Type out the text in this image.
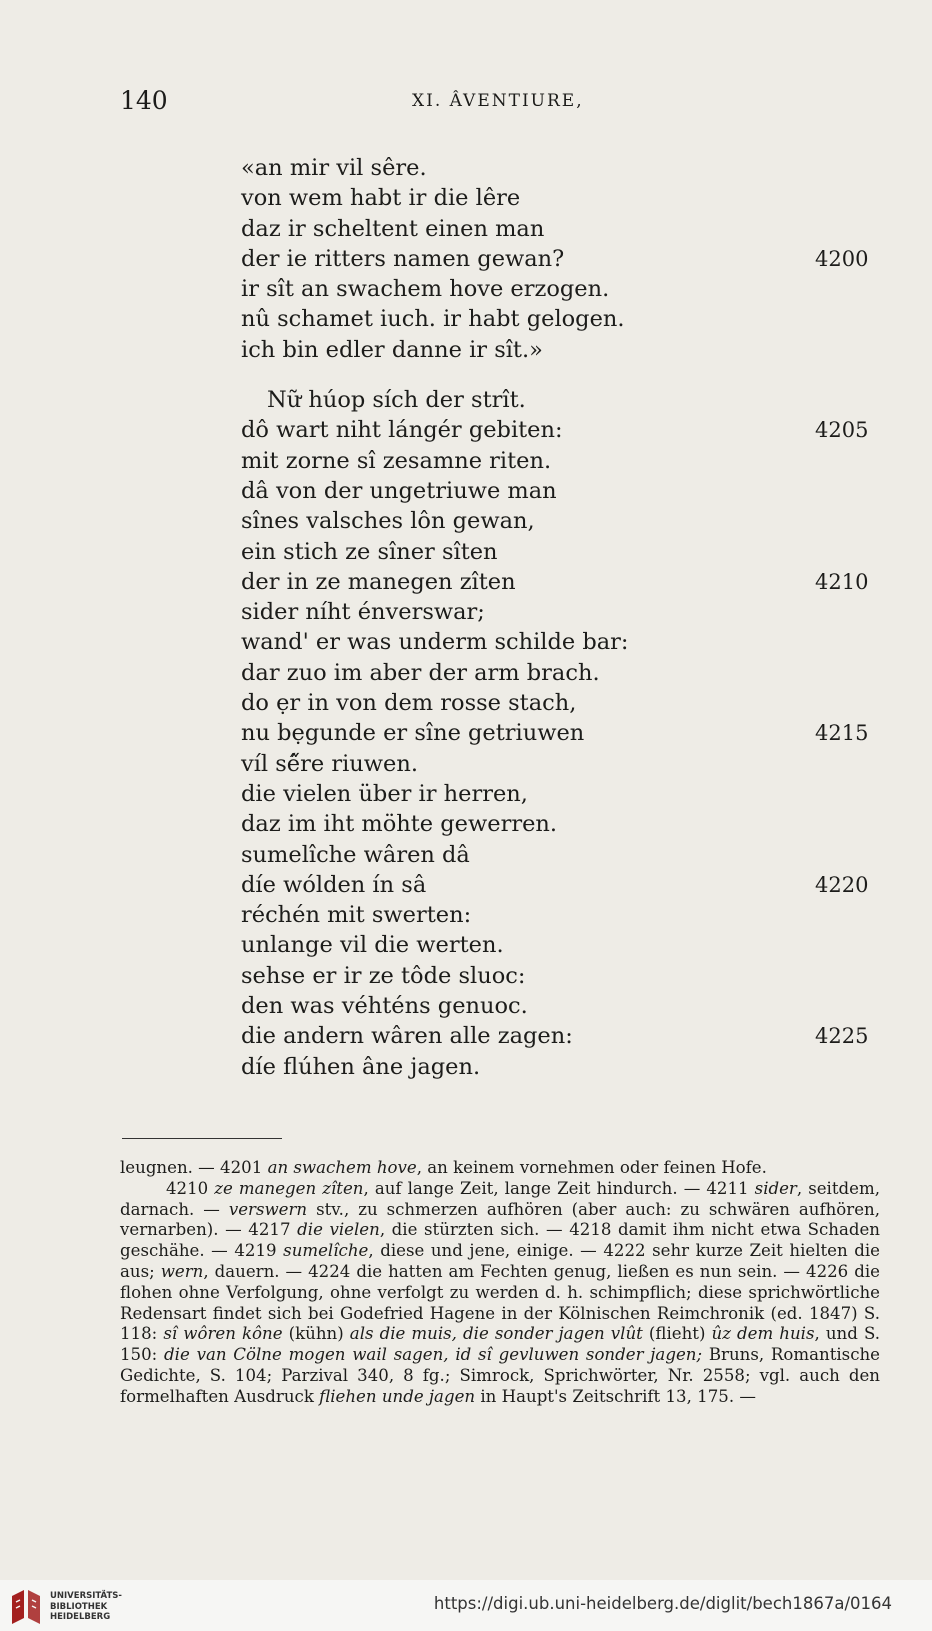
140	XI. ÂVENTIURE,
«an mir vil sêre.
von wem habt ir die lêre
daz ir scheltent einen man
der ie ritters namen gewan?	4200
ir sît an swachem hove erzogen.
nû schamet iuch. ir habt gelogen.
ich bin edler danne ir sît.»
Nữ húop sích der strît.
dô wart niht lángér gebiten:	4205
mit zorne sî zesamne riten.
dâ von der ungetriuwe man
sînes valsches lôn gewan,
ein stich ze sîner sîten
der in ze manegen zîten	4210
sider níht énverswar;
wand' er was underm schilde bar:
dar zuo im aber der arm brach.
do ẹr in von dem rosse stach,
nu bẹgunde er sîne getriuwen	4215
víl sê̋re riuwen.
die vielen über ir herren,
daz im iht möhte gewerren.
sumelîche wâren dâ
díe wólden ín sâ	4220
réchén mit swerten:
unlange vil die werten.
sehse er ir ze tôde sluoc:
den was véhténs genuoc.
die andern wâren alle zagen:	4225
díe flúhen âne jagen.
leugnen. — 4201 an swachem hove, an keinem vornehmen oder feinen Hofe.
4210 ze manegen zîten, auf lange Zeit, lange Zeit hindurch. — 4211 sider, seitdem, darnach. — verswern stv., zu schmerzen aufhören (aber auch: zu schwären aufhören, vernarben). — 4217 die vielen, die stürzten sich. — 4218 damit ihm nicht etwa Schaden geschähe. — 4219 sumelîche, diese und jene, einige. — 4222 sehr kurze Zeit hielten die aus; wern, dauern. — 4224 die hatten am Fechten genug, ließen es nun sein. — 4226 die flohen ohne Verfolgung, ohne verfolgt zu werden d. h. schimpflich; diese sprichwörtliche Redensart findet sich bei Godefried Hagene in der Kölnischen Reimchronik (ed. 1847) S. 118: sî wôren kône (kühn) als die muis, die sonder jagen vlût (flieht) ûz dem huis, und S. 150: die van Cölne mogen wail sagen, id sî gevluwen sonder jagen; Bruns, Romantische Gedichte, S. 104; Parzival 340, 8 fg.; Simrock, Sprichwörter, Nr. 2558; vgl. auch den formelhaften Ausdruck fliehen unde jagen in Haupt's Zeitschrift 13, 175. —
UNIVERSITÄTS-
BIBLIOTHEK
HEIDELBERG
https://digi.ub.uni-heidelberg.de/diglit/bech1867a/0164
